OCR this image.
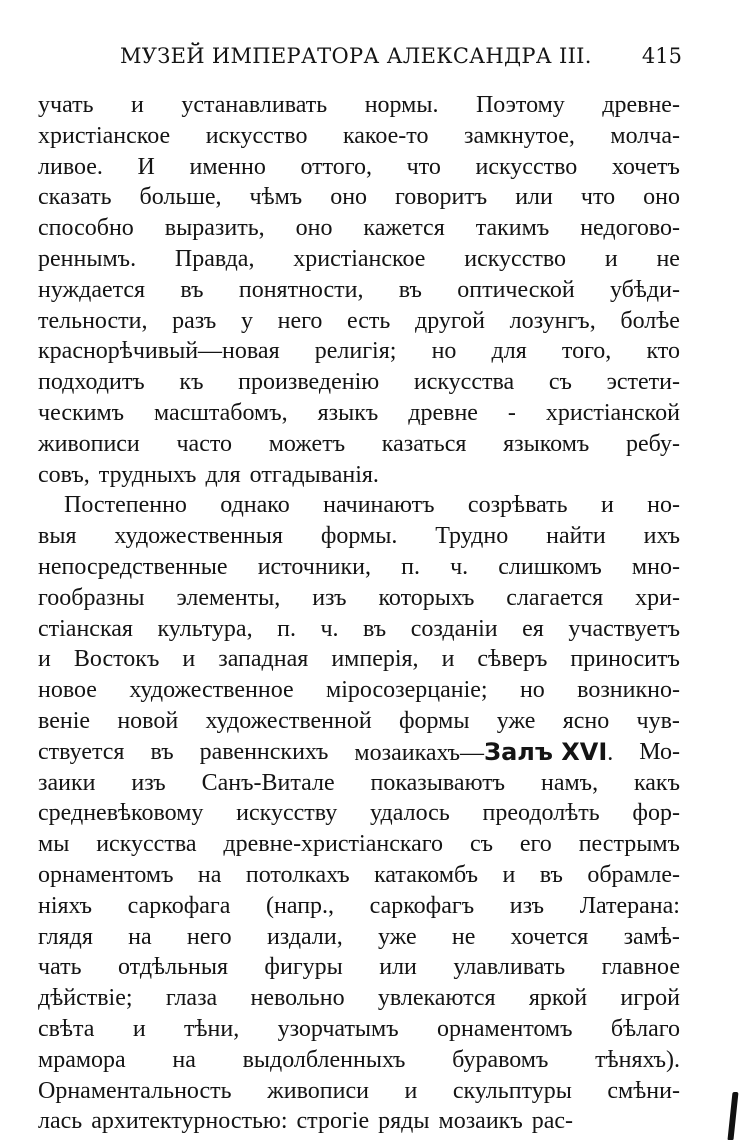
МУЗЕЙ ИМПЕРАТОРА АЛЕКСАНДРА III. 415
учать и устанавливать нормы. Поэтому древне-
христіанское искусство какое-то замкнутое, молча-
ливое. И именно оттого, что искусство хочетъ
сказать больше, чѣмъ оно говоритъ или что оно
способно выразить, оно кажется такимъ недогово-
реннымъ. Правда, христіанское искусство и не
нуждается въ понятности, въ оптической убѣди-
тельности, разъ у него есть другой лозунгъ, болѣе
краснорѣчивый—новая религія; но для того, кто
подходитъ къ произведенію искусства съ эстети-
ческимъ масштабомъ, языкъ древне - христіанской
живописи часто можетъ казаться языкомъ ребу-
совъ, трудныхъ для отгадыванія.
Постепенно однако начинаютъ созрѣвать и но-
выя художественныя формы. Трудно найти ихъ
непосредственные источники, п. ч. слишкомъ мно-
гообразны элементы, изъ которыхъ слагается хри-
стіанская культура, п. ч. въ созданіи ея участвуетъ
и Востокъ и западная имперія, и сѣверъ приноситъ
новое художественное міросозерцаніе; но возникно-
веніе новой художественной формы уже ясно чув-
ствуется въ равеннскихъ мозаикахъ—Залъ XVI. Мо-
заики изъ Санъ-Витале показываютъ намъ, какъ
средневѣковому искусству удалось преодолѣть фор-
мы искусства древне-христіанскаго съ его пестрымъ
орнаментомъ на потолкахъ катакомбъ и въ обрамле-
ніяхъ саркофага (напр., саркофагъ изъ Латерана:
глядя на него издали, уже не хочется замѣ-
чать отдѣльныя фигуры или улавливать главное
дѣйствіе; глаза невольно увлекаются яркой игрой
свѣта и тѣни, узорчатымъ орнаментомъ бѣлаго
мрамора на выдолбленныхъ буравомъ тѣняхъ).
Орнаментальность живописи и скульптуры смѣни-
лась архитектурностью: строгіе ряды мозаикъ рас-
